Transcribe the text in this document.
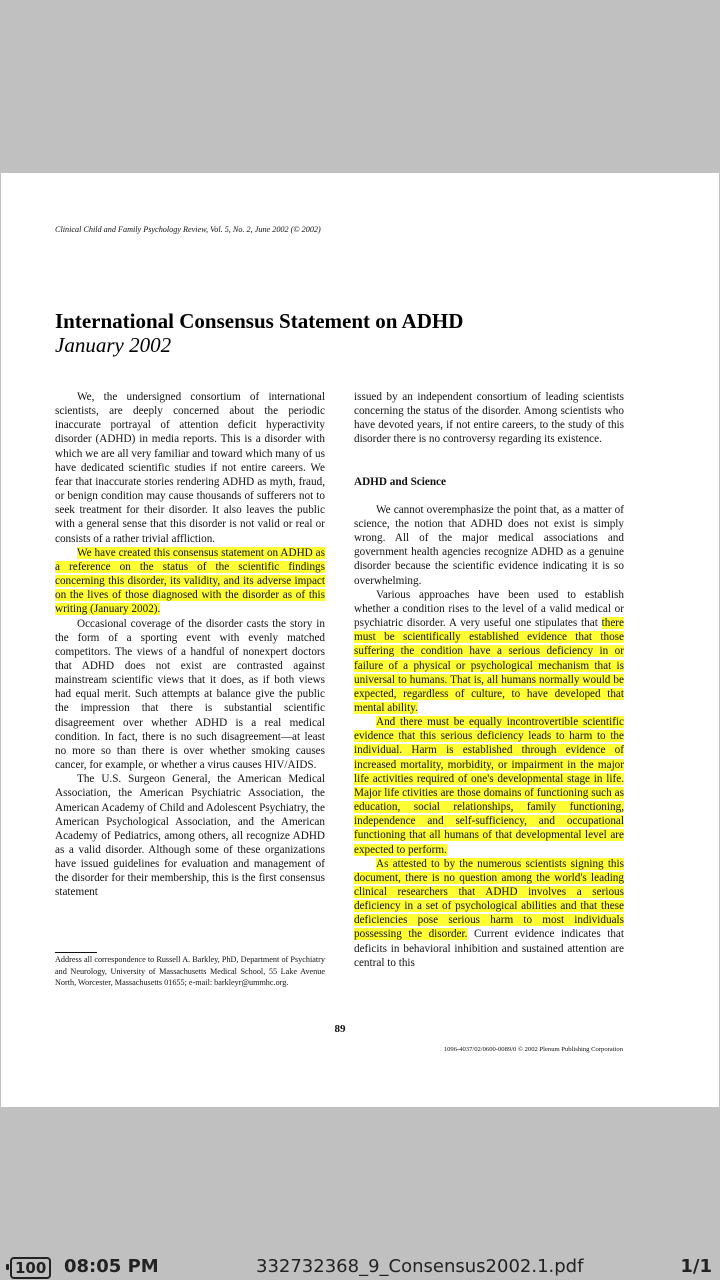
Clinical Child and Family Psychology Review, Vol. 5, No. 2, June 2002 (© 2002)
International Consensus Statement on ADHD
January 2002

We, the undersigned consortium of international scientists, are deeply concerned about the periodic inaccurate portrayal of attention deficit hyperactivity disorder (ADHD) in media reports. This is a disorder with which we are all very familiar and toward which many of us have dedicated scientific studies if not entire careers. We fear that inaccurate stories rendering ADHD as myth, fraud, or benign condition may cause thousands of sufferers not to seek treatment for their disorder. It also leaves the public with a general sense that this disorder is not valid or real or consists of a rather trivial affliction.

We have created this consensus statement on ADHD as a reference on the status of the scientific findings concerning this disorder, its validity, and its adverse impact on the lives of those diagnosed with the disorder as of this writing (January 2002).

Occasional coverage of the disorder casts the story in the form of a sporting event with evenly matched competitors. The views of a handful of nonexpert doctors that ADHD does not exist are contrasted against mainstream scientific views that it does, as if both views had equal merit. Such attempts at balance give the public the impression that there is substantial scientific disagreement over whether ADHD is a real medical condition. In fact, there is no such disagreement—at least no more so than there is over whether smoking causes cancer, for example, or whether a virus causes HIV/AIDS.

The U.S. Surgeon General, the American Medical Association, the American Psychiatric Association, the American Academy of Child and Adolescent Psychiatry, the American Psychological Association, and the American Academy of Pediatrics, among others, all recognize ADHD as a valid disorder. Although some of these organizations have issued guidelines for evaluation and management of the disorder for their membership, this is the first consensus statement

issued by an independent consortium of leading scientists concerning the status of the disorder. Among scientists who have devoted years, if not entire careers, to the study of this disorder there is no controversy regarding its existence.

ADHD and Science

We cannot overemphasize the point that, as a matter of science, the notion that ADHD does not exist is simply wrong. All of the major medical associations and government health agencies recognize ADHD as a genuine disorder because the scientific evidence indicating it is so overwhelming.

Various approaches have been used to establish whether a condition rises to the level of a valid medical or psychiatric disorder. A very useful one stipulates that there must be scientifically established evidence that those suffering the condition have a serious deficiency in or failure of a physical or psychological mechanism that is universal to humans. That is, all humans normally would be expected, regardless of culture, to have developed that mental ability.

And there must be equally incontrovertible scientific evidence that this serious deficiency leads to harm to the individual. Harm is established through evidence of increased mortality, morbidity, or impairment in the major life activities required of one's developmental stage in life. Major life ctivities are those domains of functioning such as education, social relationships, family functioning, independence and self-sufficiency, and occupational functioning that all humans of that developmental level are expected to perform.

As attested to by the numerous scientists signing this document, there is no question among the world's leading clinical researchers that ADHD involves a serious deficiency in a set of psychological abilities and that these deficiencies pose serious harm to most individuals possessing the disorder. Current evidence indicates that deficits in behavioral inhibition and sustained attention are central to this

Address all correspondence to Russell A. Barkley, PhD, Department of Psychiatry and Neurology, University of Massachusetts Medical School, 55 Lake Avenue North, Worcester, Massachusetts 01655; e-mail: barkleyr@ummhc.org.
89
1096-4037/02/0600-0089/0 © 2002 Plenum Publishing Corporation
100 08:05 PM	332732368_9_Consensus2002.1.pdf	1/1
